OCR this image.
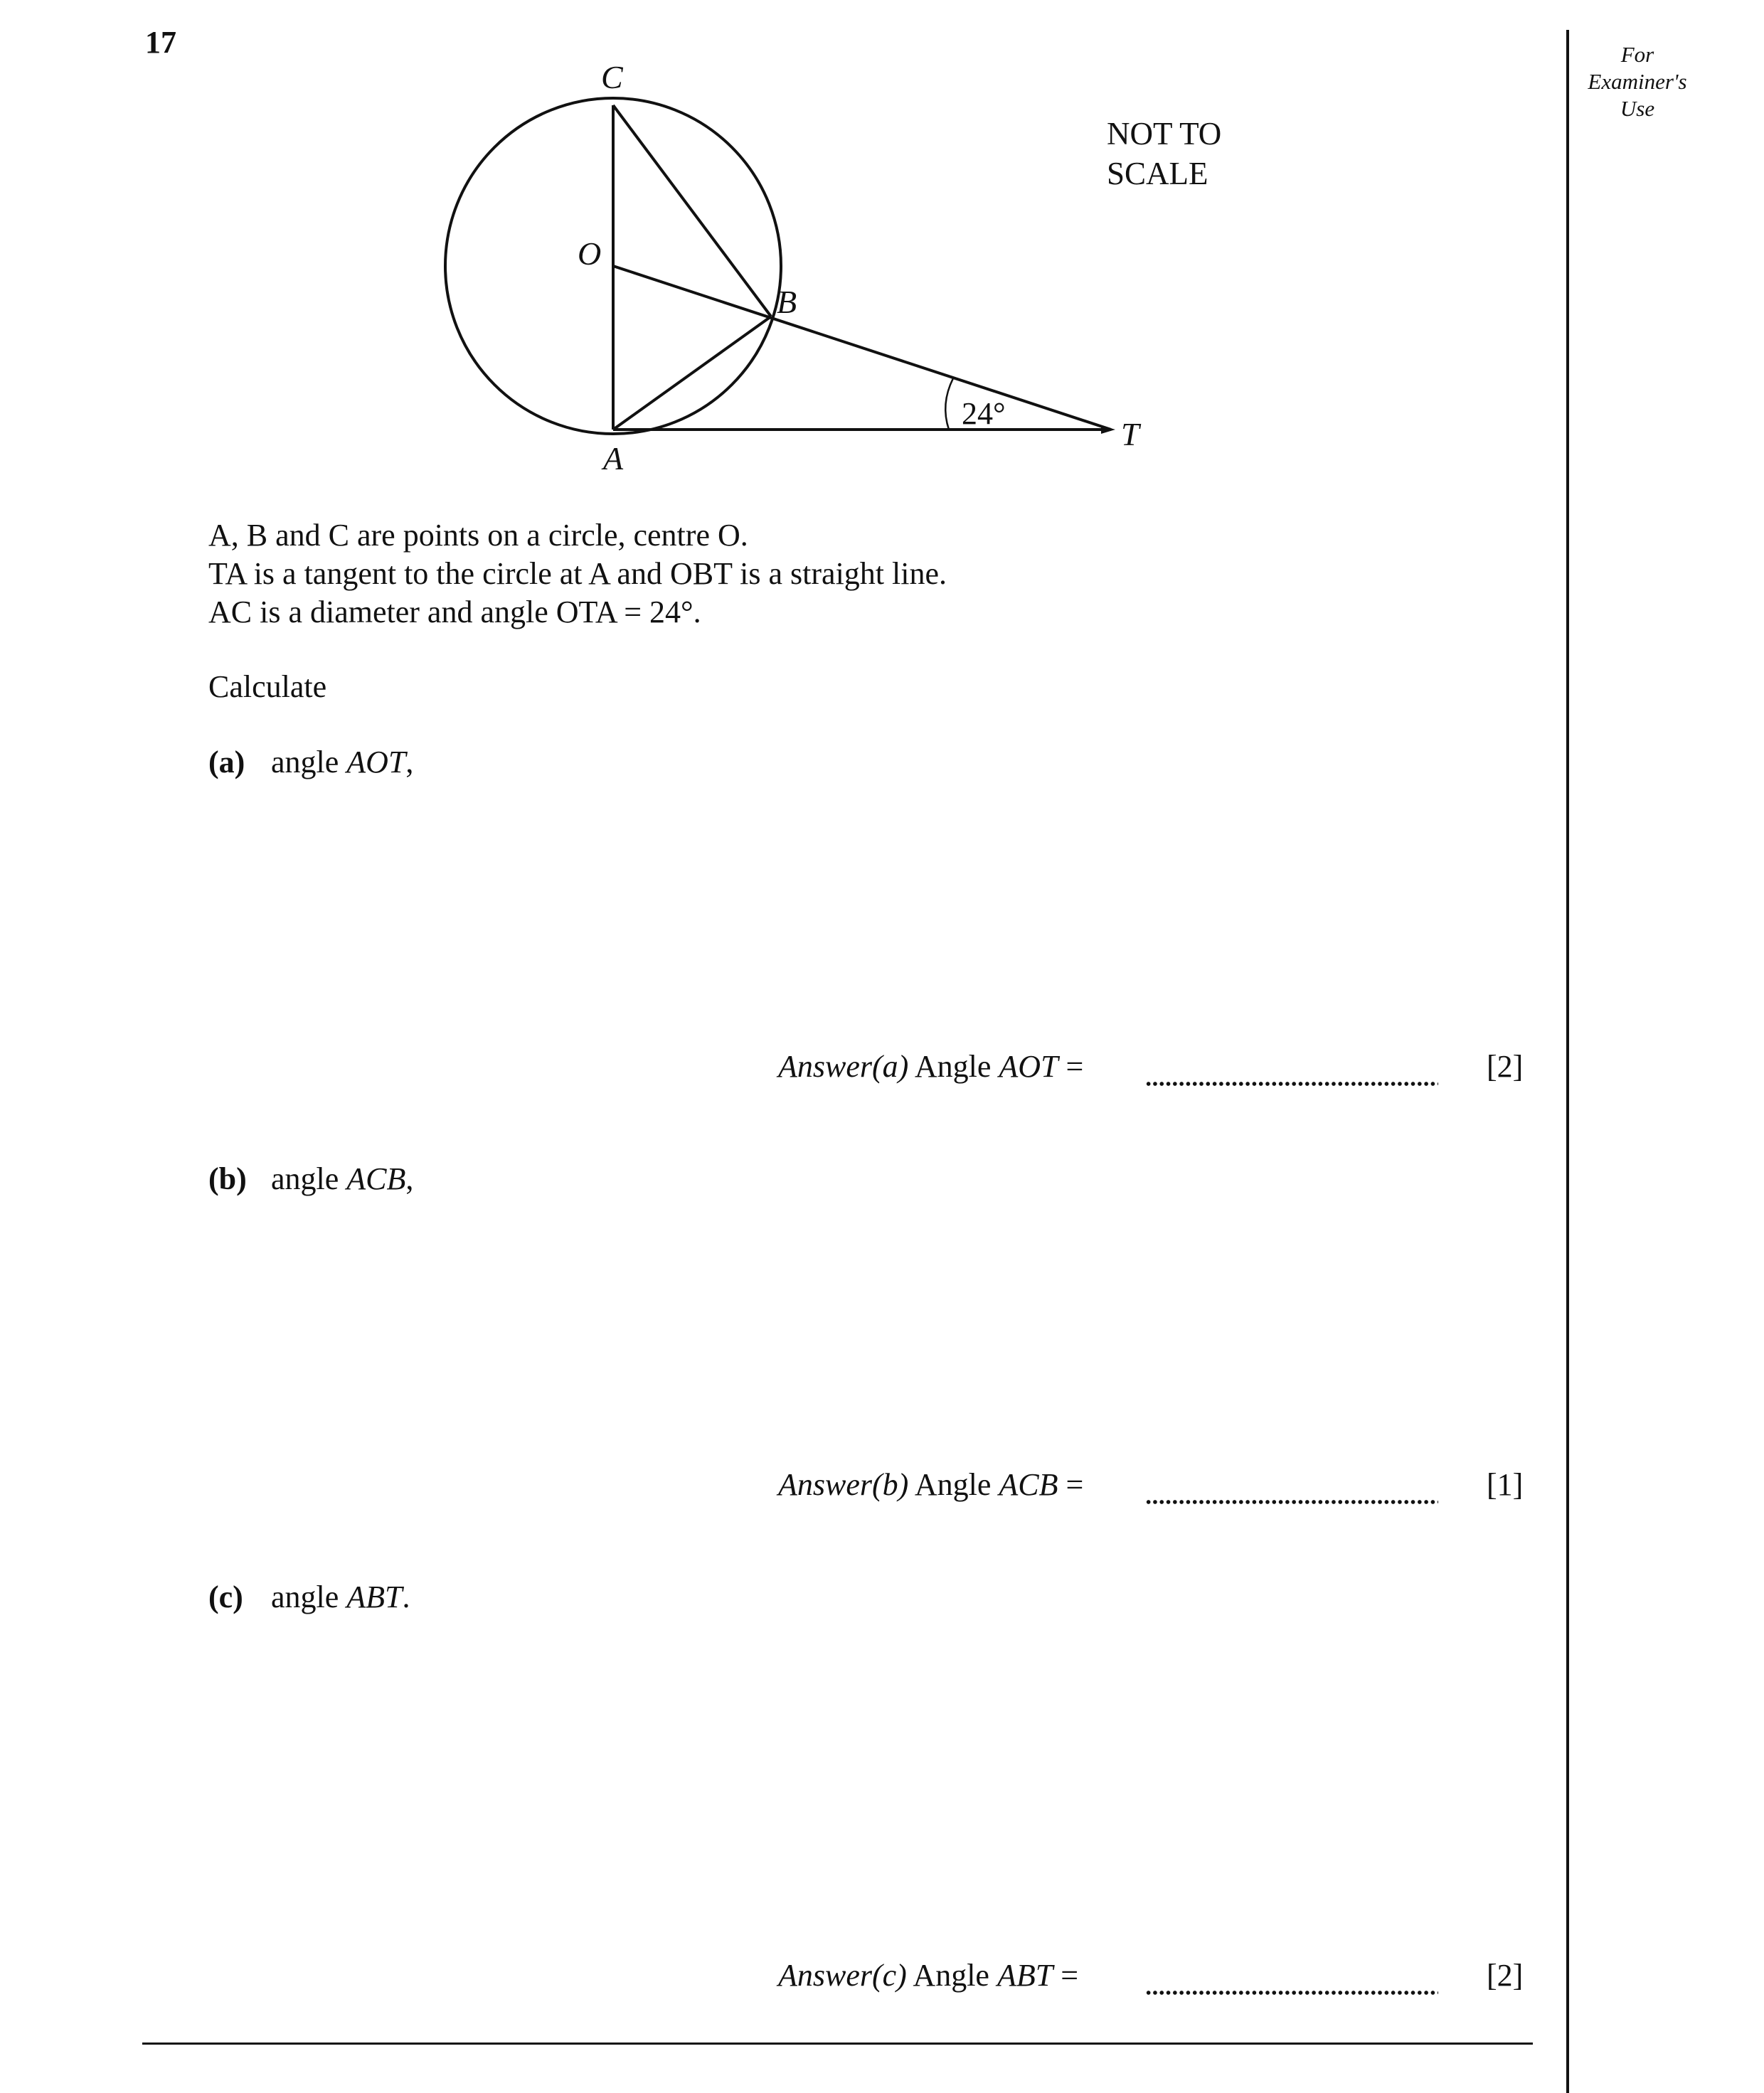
17	For
Examiner's
Use
C
O
B
A
T
24°
NOT TO
SCALE
A, B and C are points on a circle, centre O.
TA is a tangent to the circle at A and OBT is a straight line.
AC is a diameter and angle OTA = 24°.
Calculate
(a) angle AOT,
Answer(a) Angle AOT =	[2]
(b) angle ACB,
Answer(b) Angle ACB =	[1]
(c) angle ABT.
Answer(c) Angle ABT =	[2]
